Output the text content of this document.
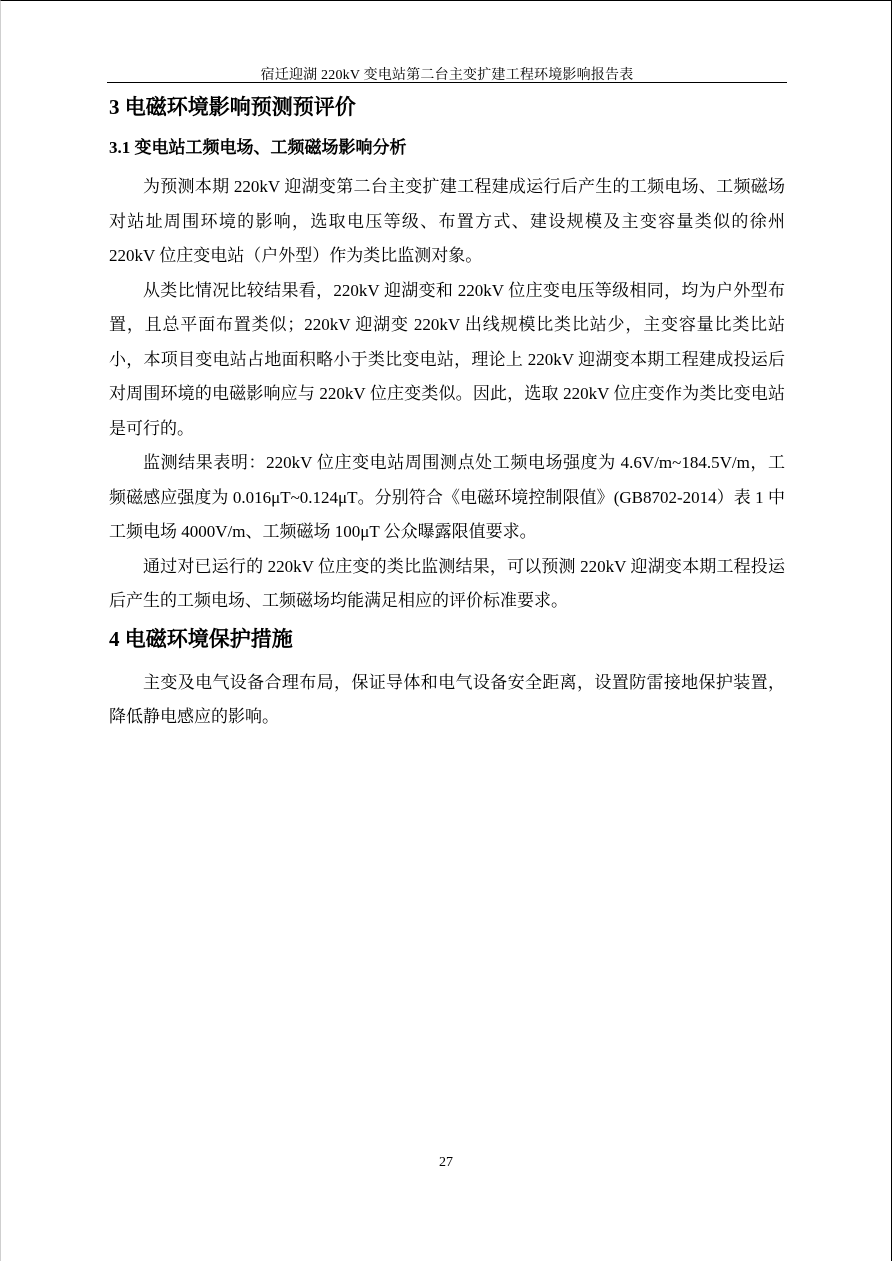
宿迁迎湖 220kV 变电站第二台主变扩建工程环境影响报告表
3 电磁环境影响预测预评价
3.1 变电站工频电场、工频磁场影响分析

为预测本期 220kV 迎湖变第二台主变扩建工程建成运行后产生的工频电场、工频磁场对站址周围环境的影响，选取电压等级、布置方式、建设规模及主变容量类似的徐州 220kV 位庄变电站（户外型）作为类比监测对象。

从类比情况比较结果看，220kV 迎湖变和 220kV 位庄变电压等级相同，均为户外型布置，且总平面布置类似；220kV 迎湖变 220kV 出线规模比类比站少，主变容量比类比站小，本项目变电站占地面积略小于类比变电站，理论上 220kV 迎湖变本期工程建成投运后对周围环境的电磁影响应与 220kV 位庄变类似。因此，选取 220kV 位庄变作为类比变电站是可行的。

监测结果表明：220kV 位庄变电站周围测点处工频电场强度为 4.6V/m~184.5V/m，工频磁感应强度为 0.016μT~0.124μT。分别符合《电磁环境控制限值》(GB8702-2014）表 1 中工频电场 4000V/m、工频磁场 100μT 公众曝露限值要求。

通过对已运行的 220kV 位庄变的类比监测结果，可以预测 220kV 迎湖变本期工程投运后产生的工频电场、工频磁场均能满足相应的评价标准要求。

4 电磁环境保护措施

主变及电气设备合理布局，保证导体和电气设备安全距离，设置防雷接地保护装置，降低静电感应的影响。

27
